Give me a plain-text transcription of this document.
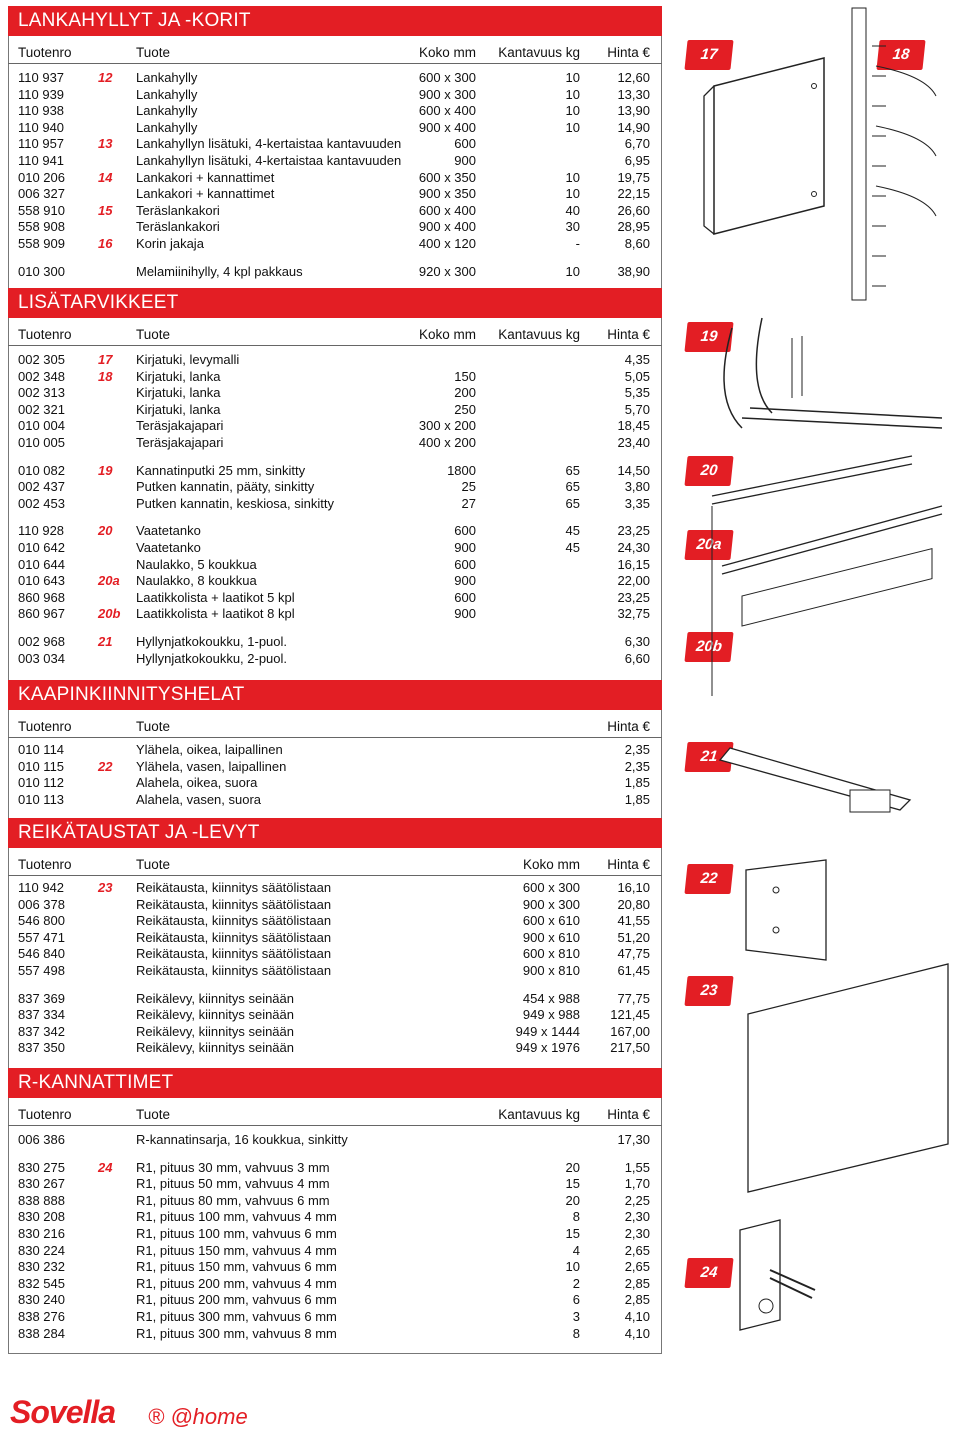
LANKAHYLLYT JA -KORIT
Tuotenro	Tuote	Koko mm Kantavuus kg Hinta €
110 937	12 Lankahylly	600 x 300	10	12,60
110 939	Lankahylly	900 x 300	10	13,30
110 938	Lankahylly	600 x 400	10	13,90
110 940	Lankahylly	900 x 400	10	14,90
110 957	13 Lankahyllyn lisätuki, 4-kertaistaa kantavuuden	600	6,70
110 941	Lankahyllyn lisätuki, 4-kertaistaa kantavuuden	900	6,95
010 206	14 Lankakori + kannattimet	600 x 350	10	19,75
006 327	Lankakori + kannattimet	900 x 350	10	22,15
558 910	15 Teräslankakori	600 x 400	40	26,60
558 908	Teräslankakori	900 x 400	30	28,95
558 909	16 Korin jakaja	400 x 120	-	8,60
010 300	Melamiinihylly, 4 kpl pakkaus	920 x 300	10	38,90
LISÄTARVIKKEET
Tuotenro	Tuote	Koko mm Kantavuus kg Hinta €
002 305	17 Kirjatuki, levymalli	4,35
002 348	18 Kirjatuki, lanka	150	5,05
002 313	Kirjatuki, lanka	200	5,35
002 321	Kirjatuki, lanka	250	5,70
010 004	Teräsjakajapari	300 x 200	18,45
010 005	Teräsjakajapari	400 x 200	23,40
010 082	19 Kannatinputki 25 mm, sinkitty	1800	65	14,50
002 437	Putken kannatin, pääty, sinkitty	25	65	3,80
002 453	Putken kannatin, keskiosa, sinkitty	27	65	3,35
110 928	20 Vaatetanko	600	45	23,25
010 642	Vaatetanko	900	45	24,30
010 644	Naulakko, 5 koukkua	600	16,15
010 643	20a Naulakko, 8 koukkua	900	22,00
860 968	Laatikkolista + laatikot 5 kpl	600	23,25
860 967	20b Laatikkolista + laatikot 8 kpl	900	32,75
002 968	21 Hyllynjatkokoukku, 1-puol.	6,30
003 034	Hyllynjatkokoukku, 2-puol.	6,60
KAAPINKIINNITYSHELAT
Tuotenro	Tuote	Hinta €
010 114	Ylähela, oikea, laipallinen	2,35
010 115	22 Ylähela, vasen, laipallinen	2,35
010 112	Alahela, oikea, suora	1,85
010 113	Alahela, vasen, suora	1,85
REIKÄTAUSTAT JA -LEVYT
Tuotenro	Tuote	Koko mm Hinta €
110 942	23 Reikätausta, kiinnitys säätölistaan	600 x 300	16,10
006 378	Reikätausta, kiinnitys säätölistaan	900 x 300	20,80
546 800	Reikätausta, kiinnitys säätölistaan	600 x 610	41,55
557 471	Reikätausta, kiinnitys säätölistaan	900 x 610	51,20
546 840	Reikätausta, kiinnitys säätölistaan	600 x 810	47,75
557 498	Reikätausta, kiinnitys säätölistaan	900 x 810	61,45
837 369	Reikälevy, kiinnitys seinään	454 x 988	77,75
837 334	Reikälevy, kiinnitys seinään	949 x 988 121,45
837 342	Reikälevy, kiinnitys seinään	949 x 1444 167,00
837 350	Reikälevy, kiinnitys seinään	949 x 1976 217,50
R-KANNATTIMET
Tuotenro	Tuote	Kantavuus kg Hinta €
006 386	R-kannatinsarja, 16 koukkua, sinkitty	17,30
830 275	24 R1, pituus 30 mm, vahvuus 3 mm	20	1,55
830 267	R1, pituus 50 mm, vahvuus 4 mm	15	1,70
838 888	R1, pituus 80 mm, vahvuus 6 mm	20	2,25
830 208	R1, pituus 100 mm, vahvuus 4 mm	8	2,30
830 216	R1, pituus 100 mm, vahvuus 6 mm	15	2,30
830 224	R1, pituus 150 mm, vahvuus 4 mm	4	2,65
830 232	R1, pituus 150 mm, vahvuus 6 mm	10	2,65
832 545	R1, pituus 200 mm, vahvuus 4 mm	2	2,85
830 240	R1, pituus 200 mm, vahvuus 6 mm	6	2,85
838 276	R1, pituus 300 mm, vahvuus 6 mm	3	4,10
838 284	R1, pituus 300 mm, vahvuus 8 mm	8	4,10
17	18
19
20
20a
20b
21
22
23
24
Sovella ® @home
